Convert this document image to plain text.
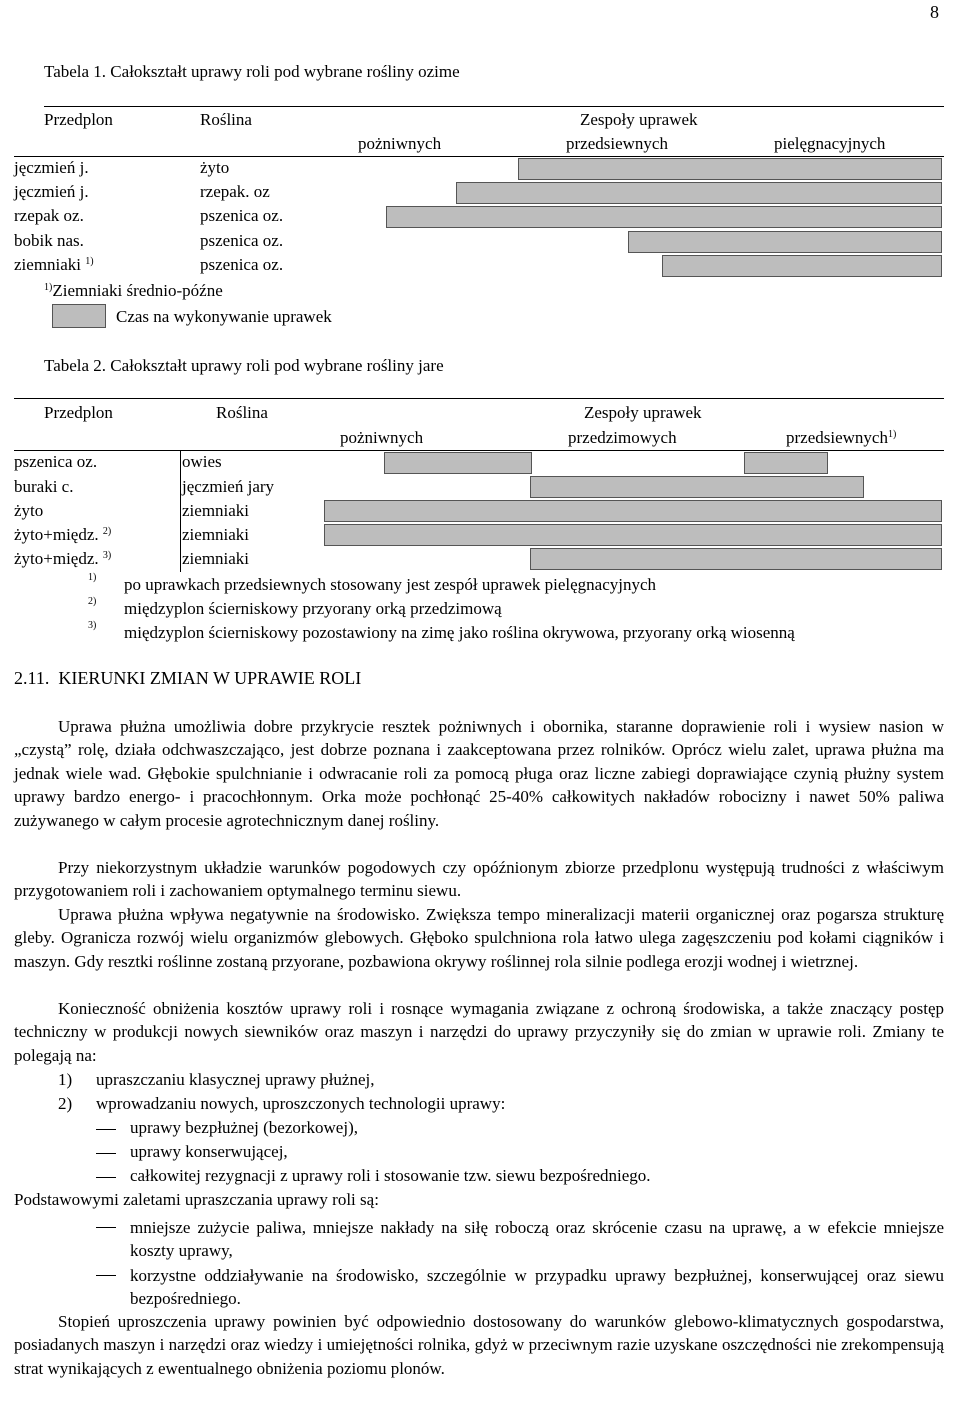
8
Tabela 1. Całokształt uprawy roli pod wybrane rośliny ozime
Przedplon	Roślina	Zespoły uprawek
pożniwnych	przedsiewnych	pielęgnacyjnych
jęczmień j.	żyto
jęczmień j.	rzepak. oz
rzepak oz.	pszenica oz.
bobik nas.	pszenica oz.
ziemniaki $^{1)}$	pszenica oz.
$^{1)}$Ziemniaki średnio-późne
Czas na wykonywanie uprawek
Tabela 2. Całokształt uprawy roli pod wybrane rośliny jare
Przedplon	Roślina	Zespoły uprawek
pożniwnych	przedzimowych	przedsiewnych$^{1)}$
pszenica oz.	owies
buraki c.	jęczmień jary
żyto	ziemniaki
żyto+międz. $^{2)}$	ziemniaki
żyto+międz. $^{3)}$	ziemniaki
1) po uprawkach przedsiewnych stosowany jest zespół uprawek pielęgnacyjnych
2) międzyplon ścierniskowy przyorany orką przedzimową
3) międzyplon ścierniskowy pozostawiony na zimę jako roślina okrywowa, przyorany orką wiosenną
2.11.  KIERUNKI ZMIAN W UPRAWIE ROLI
Uprawa płużna umożliwia dobre przykrycie resztek pożniwnych i obornika, staranne doprawienie roli i wysiew nasion w „czystą” rolę, działa odchwaszczająco, jest dobrze poznana i zaakceptowana przez rolników. Oprócz wielu zalet, uprawa płużna ma jednak wiele wad. Głębokie spulchnianie i odwracanie roli za pomocą pługa oraz liczne zabiegi doprawiające czynią płużny system uprawy bardzo energo- i pracochłonnym. Orka może pochłonąć 25-40% całkowitych nakładów robocizny i nawet 50% paliwa zużywanego w całym procesie agrotechnicznym danej rośliny.
Przy niekorzystnym układzie warunków pogodowych czy opóźnionym zbiorze przedplonu występują trudności z właściwym przygotowaniem roli i zachowaniem optymalnego terminu siewu.
Uprawa płużna wpływa negatywnie na środowisko. Zwiększa tempo mineralizacji materii organicznej oraz pogarsza strukturę gleby. Ogranicza rozwój wielu organizmów glebowych. Głęboko spulchniona rola łatwo ulega zagęszczeniu pod kołami ciągników i maszyn. Gdy resztki roślinne zostaną przyorane, pozbawiona okrywy roślinnej rola silnie podlega erozji wodnej i wietrznej.
Konieczność obniżenia kosztów uprawy roli i rosnące wymagania związane z ochroną środowiska, a także znaczący postęp techniczny w produkcji nowych siewników oraz maszyn i narzędzi do uprawy przyczyniły się do zmian w uprawie roli. Zmiany te polegają na:
1) upraszczaniu klasycznej uprawy płużnej,
2) wprowadzaniu nowych, uproszczonych technologii uprawy:
uprawy bezpłużnej (bezorkowej),
uprawy konserwującej,
całkowitej rezygnacji z uprawy roli i stosowanie tzw. siewu bezpośredniego.
Podstawowymi zaletami upraszczania uprawy roli są:
mniejsze zużycie paliwa, mniejsze nakłady na siłę roboczą oraz skrócenie czasu na uprawę, a w efekcie mniejsze koszty uprawy,
korzystne oddziaływanie na środowisko, szczególnie w przypadku uprawy bezpłużnej, konserwującej oraz siewu bezpośredniego.
Stopień uproszczenia uprawy powinien być odpowiednio dostosowany do warunków glebowo-klimatycznych gospodarstwa, posiadanych maszyn i narzędzi oraz wiedzy i umiejętności rolnika, gdyż w przeciwnym razie uzyskane oszczędności nie zrekompensują strat wynikających z ewentualnego obniżenia poziomu plonów.
